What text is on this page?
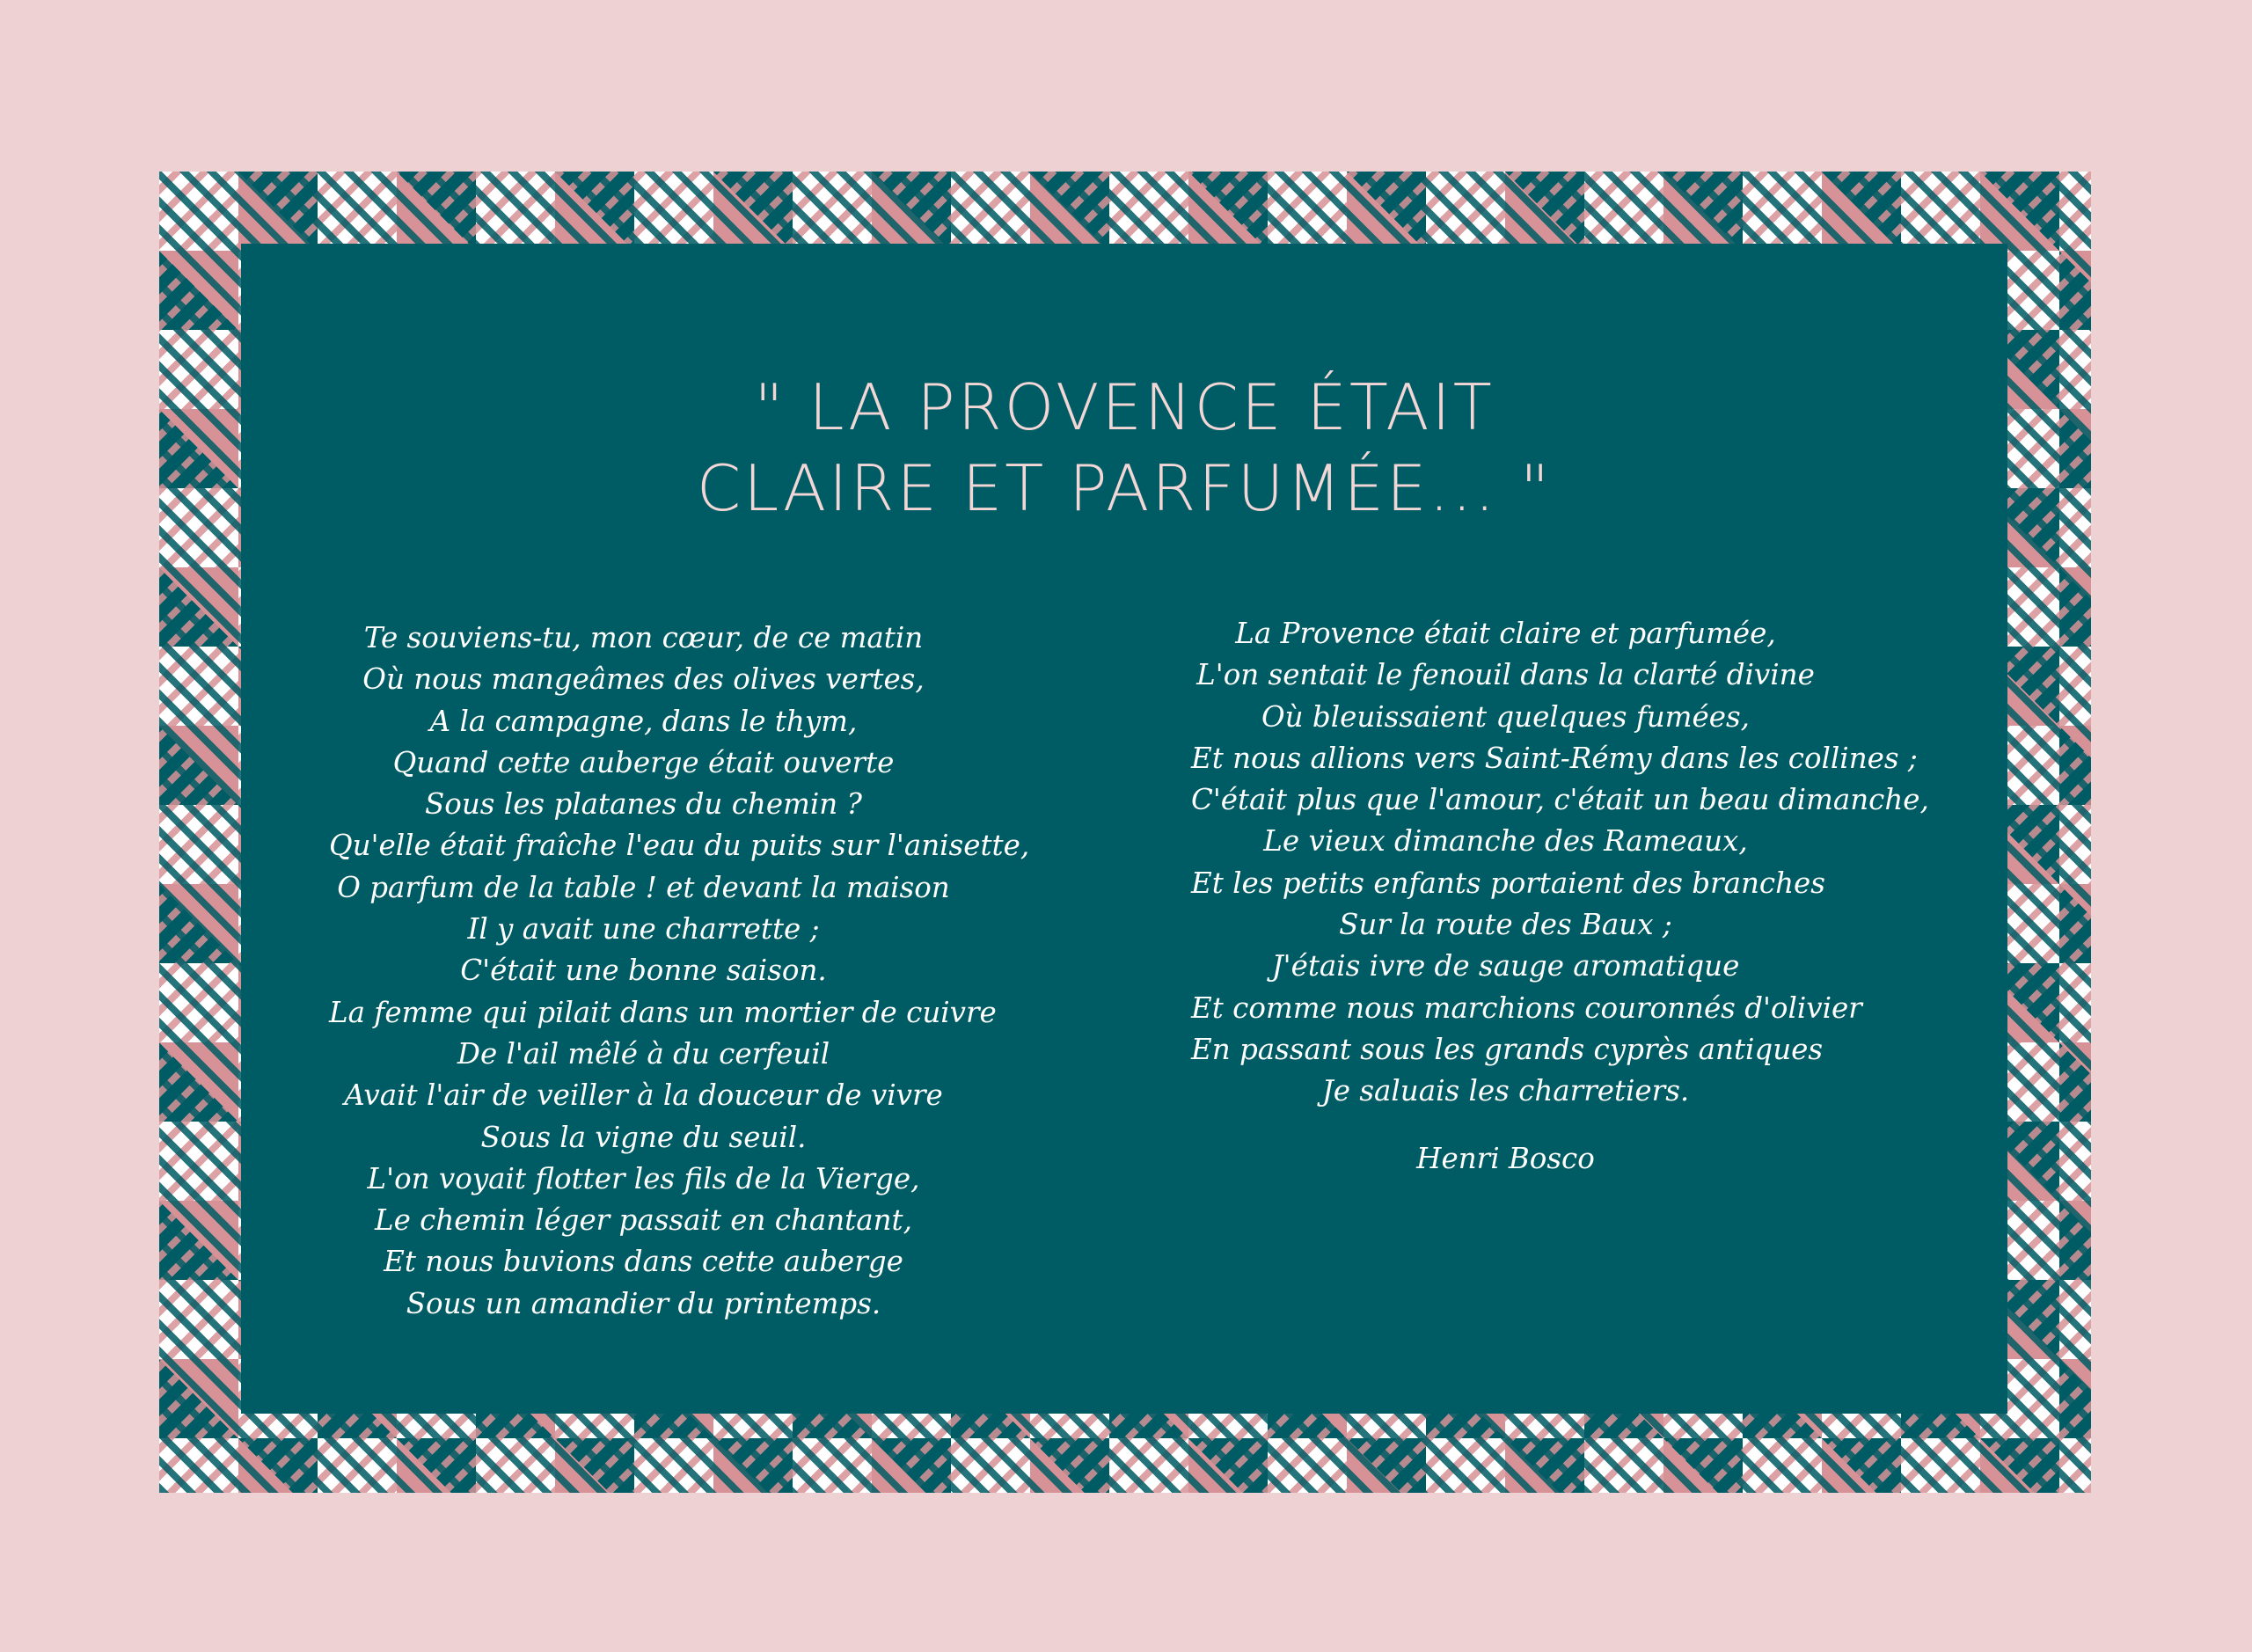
" LA PROVENCE ÉTAIT
CLAIRE ET PARFUMÉE... "
Te souviens-tu, mon cœur, de ce matin
Où nous mangeâmes des olives vertes,
A la campagne, dans le thym,
Quand cette auberge était ouverte
Sous les platanes du chemin ?
Qu'elle était fraîche l'eau du puits sur l'anisette,
O parfum de la table ! et devant la maison
Il y avait une charrette ;
C'était une bonne saison.
La femme qui pilait dans un mortier de cuivre
De l'ail mêlé à du cerfeuil
Avait l'air de veiller à la douceur de vivre
Sous la vigne du seuil.
L'on voyait flotter les fils de la Vierge,
Le chemin léger passait en chantant,
Et nous buvions dans cette auberge
Sous un amandier du printemps.
La Provence était claire et parfumée,
L'on sentait le fenouil dans la clarté divine
Où bleuissaient quelques fumées,
Et nous allions vers Saint-Rémy dans les collines ;
C'était plus que l'amour, c'était un beau dimanche,
Le vieux dimanche des Rameaux,
Et les petits enfants portaient des branches
Sur la route des Baux ;
J'étais ivre de sauge aromatique
Et comme nous marchions couronnés d'olivier
En passant sous les grands cyprès antiques
Je saluais les charretiers.
Henri Bosco
